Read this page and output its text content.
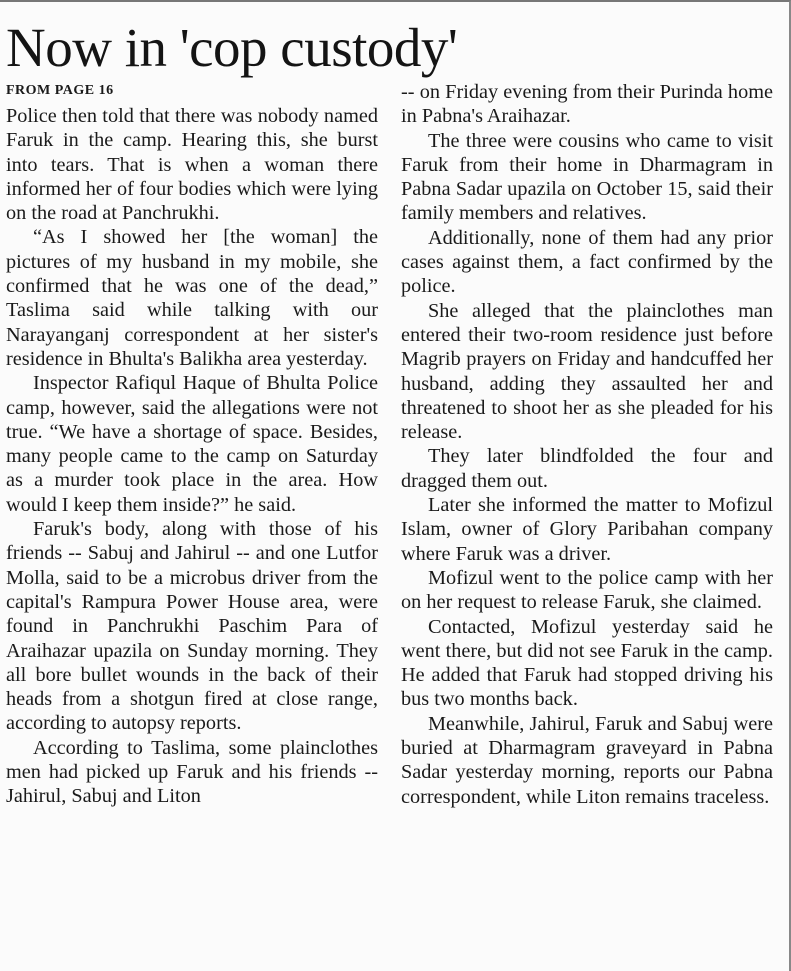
Now in 'cop custody'
FROM PAGE 16

Police then told that there was nobody named Faruk in the camp. Hearing this, she burst into tears. That is when a woman there informed her of four bodies which were lying on the road at Panchrukhi.

“As I showed her [the woman] the pictures of my husband in my mobile, she confirmed that he was one of the dead,” Taslima said while talking with our Narayanganj correspondent at her sister's residence in Bhulta's Balikha area yesterday.

Inspector Rafiqul Haque of Bhulta Police camp, however, said the allegations were not true. “We have a shortage of space. Besides, many people came to the camp on Saturday as a murder took place in the area. How would I keep them inside?” he said.

Faruk's body, along with those of his friends -- Sabuj and Jahirul -- and one Lutfor Molla, said to be a microbus driver from the capital's Rampura Power House area, were found in Panchrukhi Paschim Para of Araihazar upazila on Sunday morning. They all bore bullet wounds in the back of their heads from a shotgun fired at close range, according to autopsy reports.

According to Taslima, some plainclothes men had picked up Faruk and his friends -- Jahirul, Sabuj and Liton

-- on Friday evening from their Purinda home in Pabna's Araihazar.

The three were cousins who came to visit Faruk from their home in Dharmagram in Pabna Sadar upazila on October 15, said their family members and relatives.

Additionally, none of them had any prior cases against them, a fact confirmed by the police.

She alleged that the plainclothes man entered their two-room residence just before Magrib prayers on Friday and handcuffed her husband, adding they assaulted her and threatened to shoot her as she pleaded for his release.

They later blindfolded the four and dragged them out.

Later she informed the matter to Mofizul Islam, owner of Glory Paribahan company where Faruk was a driver.

Mofizul went to the police camp with her on her request to release Faruk, she claimed.

Contacted, Mofizul yesterday said he went there, but did not see Faruk in the camp. He added that Faruk had stopped driving his bus two months back.

Meanwhile, Jahirul, Faruk and Sabuj were buried at Dharmagram graveyard in Pabna Sadar yesterday morning, reports our Pabna correspondent, while Liton remains traceless.
